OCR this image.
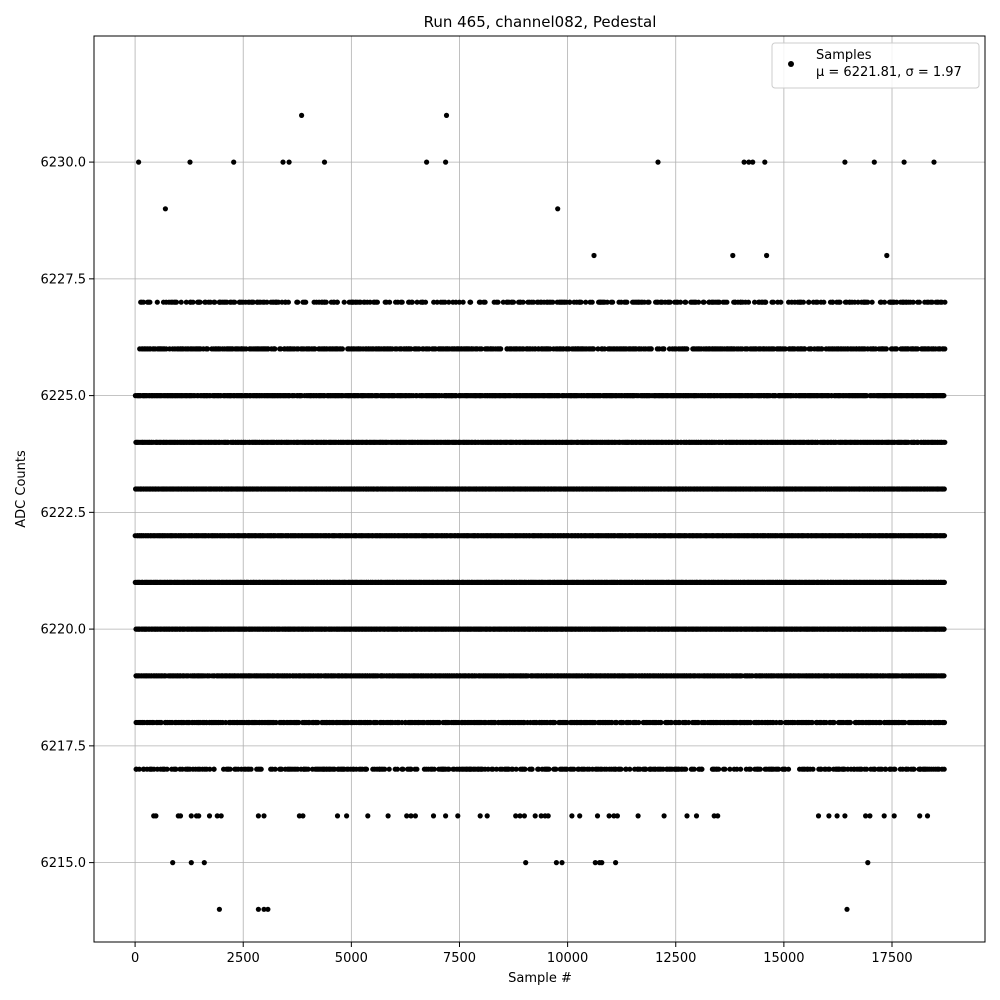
Run 465, channel082, Pedestal
0	2500	5000	7500	10000	12500	15000	17500
6215.0
6217.5
6220.0
6222.5
6225.0
6227.5
6230.0
Sample #
ADC Counts
Samples
μ = 6221.81, σ = 1.97
